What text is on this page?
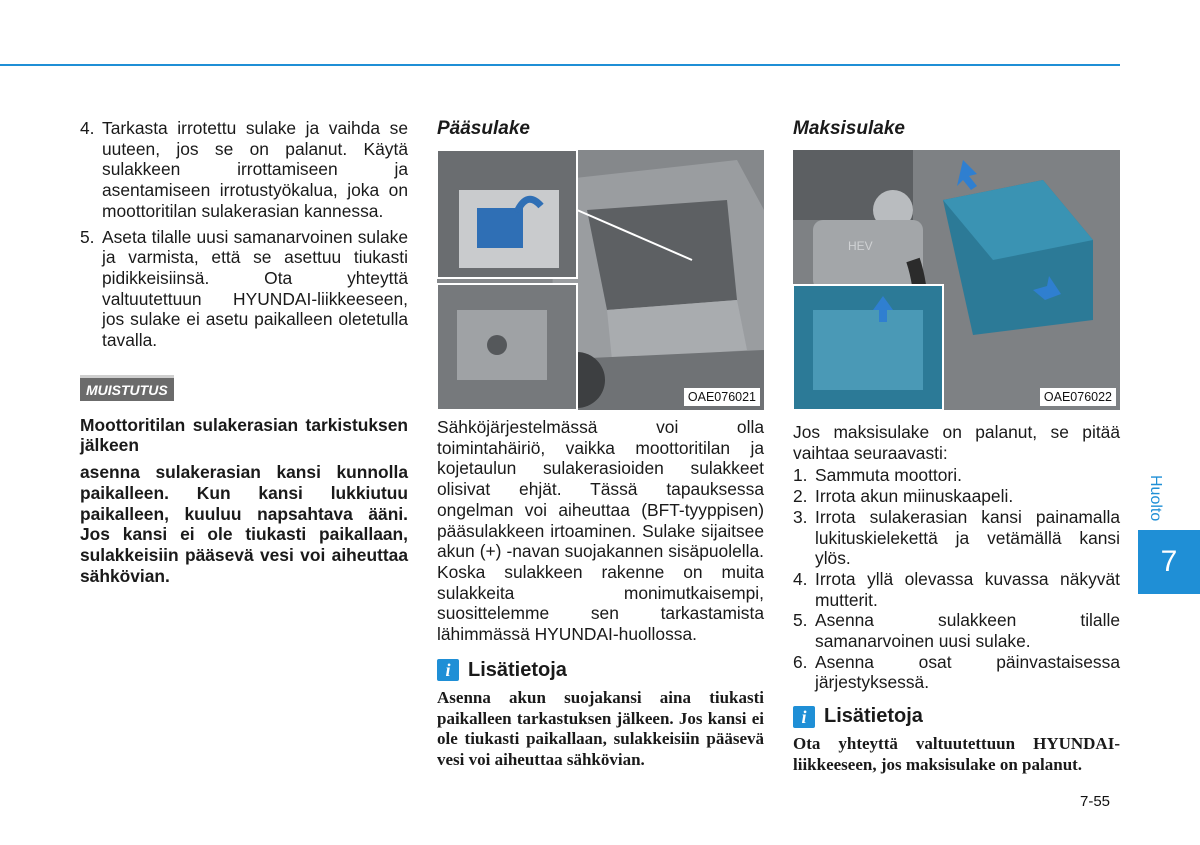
4. Tarkasta irrotettu sulake ja vaihda se uuteen, jos se on palanut. Käytä sulakkeen irrottamiseen ja asentamiseen irrotustyökalua, joka on moottoritilan sulakerasian kannessa.
5. Aseta tilalle uusi samanarvoinen sulake ja varmista, että se asettuu tiukasti pidikkeisiinsä. Ota yhteyttä valtuutettuun HYUNDAI-liikkeeseen, jos sulake ei asetu paikalleen oletetulla tavalla.
MUISTUTUS

Moottoritilan sulakerasian tarkistuksen jälkeen

asenna sulakerasian kansi kunnolla paikalleen. Kun kansi lukkiutuu paikalleen, kuuluu napsahtava ääni. Jos kansi ei ole tiukasti paikallaan, sulakkeisiin pääsevä vesi voi aiheuttaa sähkövian.

Pääsulake
OAE076021

Sähköjärjestelmässä voi olla toimintahäiriö, vaikka moottoritilan ja kojetaulun sulakerasioiden sulakkeet olisivat ehjät. Tässä tapauksessa ongelman voi aiheuttaa (BFT-tyyppisen) pääsulakkeen irtoaminen. Sulake sijaitsee akun (+) -navan suojakannen sisäpuolella. Koska sulakkeen rakenne on muita sulakkeita monimutkaisempi, suosittelemme sen tarkastamista lähimmässä HYUNDAI-huollossa.

i Lisätietoja

Asenna akun suojakansi aina tiukasti paikalleen tarkastuksen jälkeen. Jos kansi ei ole tiukasti paikallaan, sulakkeisiin pääsevä vesi voi aiheuttaa sähkövian.

Maksisulake
HEV
OAE076022

Jos maksisulake on palanut, se pitää vaihtaa seuraavasti:

1. Sammuta moottori.
2. Irrota akun miinuskaapeli.
3. Irrota sulakerasian kansi painamalla lukituskielekettä ja vetämällä kansi ylös.
4. Irrota yllä olevassa kuvassa näkyvät mutterit.
5. Asenna sulakkeen tilalle samanarvoinen uusi sulake.
6. Asenna osat päinvastaisessa järjestyksessä.
i Lisätietoja

Ota yhteyttä valtuutettuun HYUNDAI-liikkeeseen, jos maksisulake on palanut.

Huolto
7
7-55
